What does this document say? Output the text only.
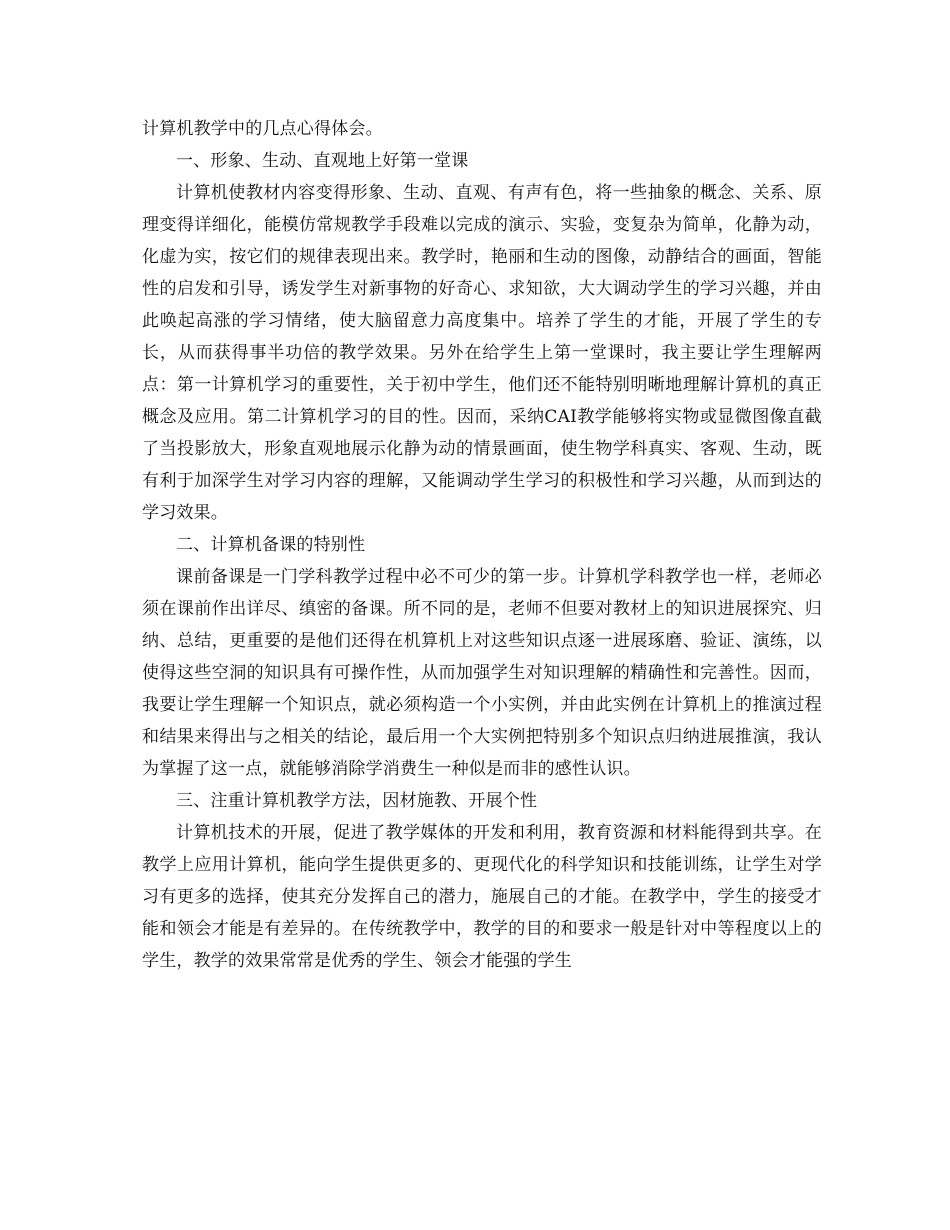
计算机教学中的几点心得体会。

一、形象、生动、直观地上好第一堂课

计算机使教材内容变得形象、生动、直观、有声有色，将一些抽象的概念、关系、原理变得详细化，能模仿常规教学手段难以完成的演示、实验，变复杂为简单，化静为动，化虚为实，按它们的规律表现出来。教学时，艳丽和生动的图像，动静结合的画面，智能性的启发和引导，诱发学生对新事物的好奇心、求知欲，大大调动学生的学习兴趣，并由此唤起高涨的学习情绪，使大脑留意力高度集中。培养了学生的才能，开展了学生的专长，从而获得事半功倍的教学效果。另外在给学生上第一堂课时，我主要让学生理解两点：第一计算机学习的重要性，关于初中学生，他们还不能特别明晰地理解计算机的真正概念及应用。第二计算机学习的目的性。因而，采纳CAI教学能够将实物或显微图像直截了当投影放大，形象直观地展示化静为动的情景画面，使生物学科真实、客观、生动，既有利于加深学生对学习内容的理解，又能调动学生学习的积极性和学习兴趣，从而到达的学习效果。

二、计算机备课的特别性

课前备课是一门学科教学过程中必不可少的第一步。计算机学科教学也一样，老师必须在课前作出详尽、缜密的备课。所不同的是，老师不但要对教材上的知识进展探究、归纳、总结，更重要的是他们还得在机算机上对这些知识点逐一进展琢磨、验证、演练，以使得这些空洞的知识具有可操作性，从而加强学生对知识理解的精确性和完善性。因而，我要让学生理解一个知识点，就必须构造一个小实例，并由此实例在计算机上的推演过程和结果来得出与之相关的结论，最后用一个大实例把特别多个知识点归纳进展推演，我认为掌握了这一点，就能够消除学消费生一种似是而非的感性认识。

三、注重计算机教学方法，因材施教、开展个性

计算机技术的开展，促进了教学媒体的开发和利用，教育资源和材料能得到共享。在教学上应用计算机，能向学生提供更多的、更现代化的科学知识和技能训练，让学生对学习有更多的选择，使其充分发挥自己的潜力，施展自己的才能。在教学中，学生的接受才能和领会才能是有差异的。在传统教学中，教学的目的和要求一般是针对中等程度以上的学生，教学的效果常常是优秀的学生、领会才能强的学生
